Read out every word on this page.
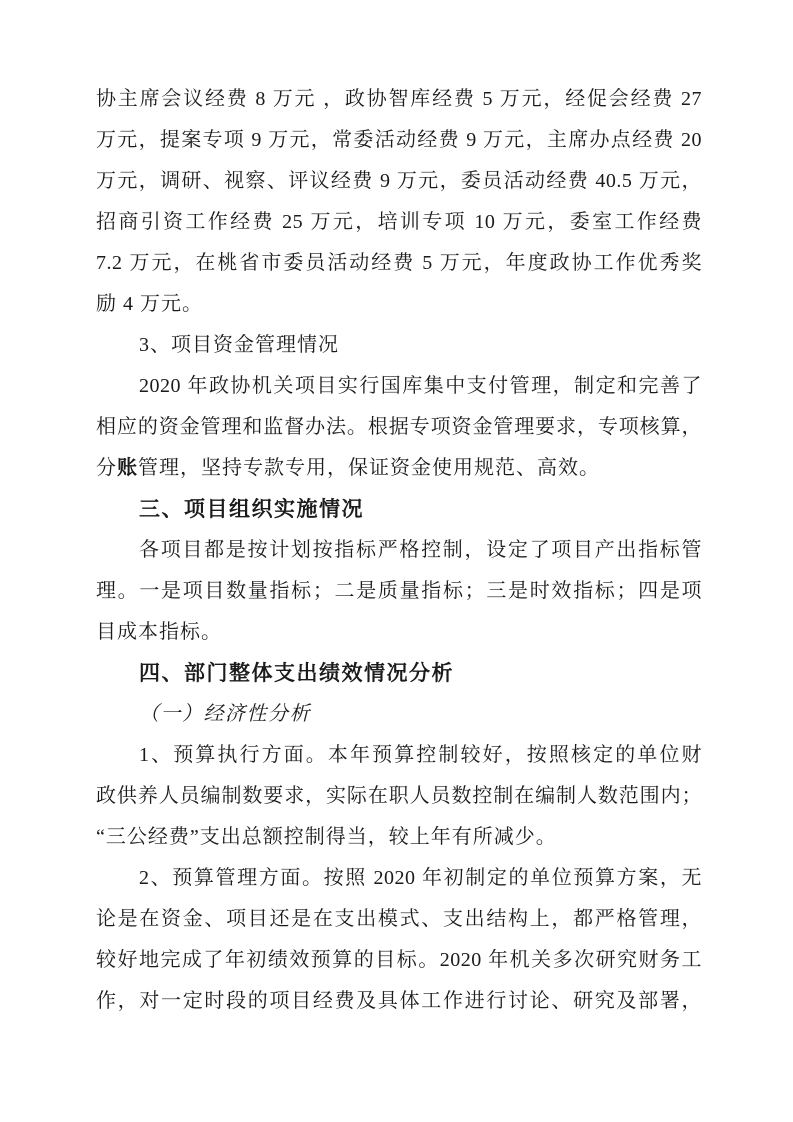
协主席会议经费 8 万元 ，政协智库经费 5 万元，经促会经费 27
万元，提案专项 9 万元，常委活动经费 9 万元，主席办点经费 20
万元，调研、视察、评议经费 9 万元，委员活动经费 40.5 万元，
招商引资工作经费 25 万元，培训专项 10 万元，委室工作经费
7.2 万元，在桃省市委员活动经费 5 万元，年度政协工作优秀奖
励 4 万元。
3、项目资金管理情况
2020 年政协机关项目实行国库集中支付管理，制定和完善了
相应的资金管理和监督办法。根据专项资金管理要求，专项核算，
分账管理，坚持专款专用，保证资金使用规范、高效。
三、项目组织实施情况
各项目都是按计划按指标严格控制，设定了项目产出指标管
理。一是项目数量指标；二是质量指标；三是时效指标；四是项
目成本指标。
四、部门整体支出绩效情况分析
（一）经济性分析
1、预算执行方面。本年预算控制较好，按照核定的单位财
政供养人员编制数要求，实际在职人员数控制在编制人数范围内；
“三公经费”支出总额控制得当，较上年有所减少。
2、预算管理方面。按照 2020 年初制定的单位预算方案，无
论是在资金、项目还是在支出模式、支出结构上，都严格管理，
较好地完成了年初绩效预算的目标。2020 年机关多次研究财务工
作，对一定时段的项目经费及具体工作进行讨论、研究及部署，
